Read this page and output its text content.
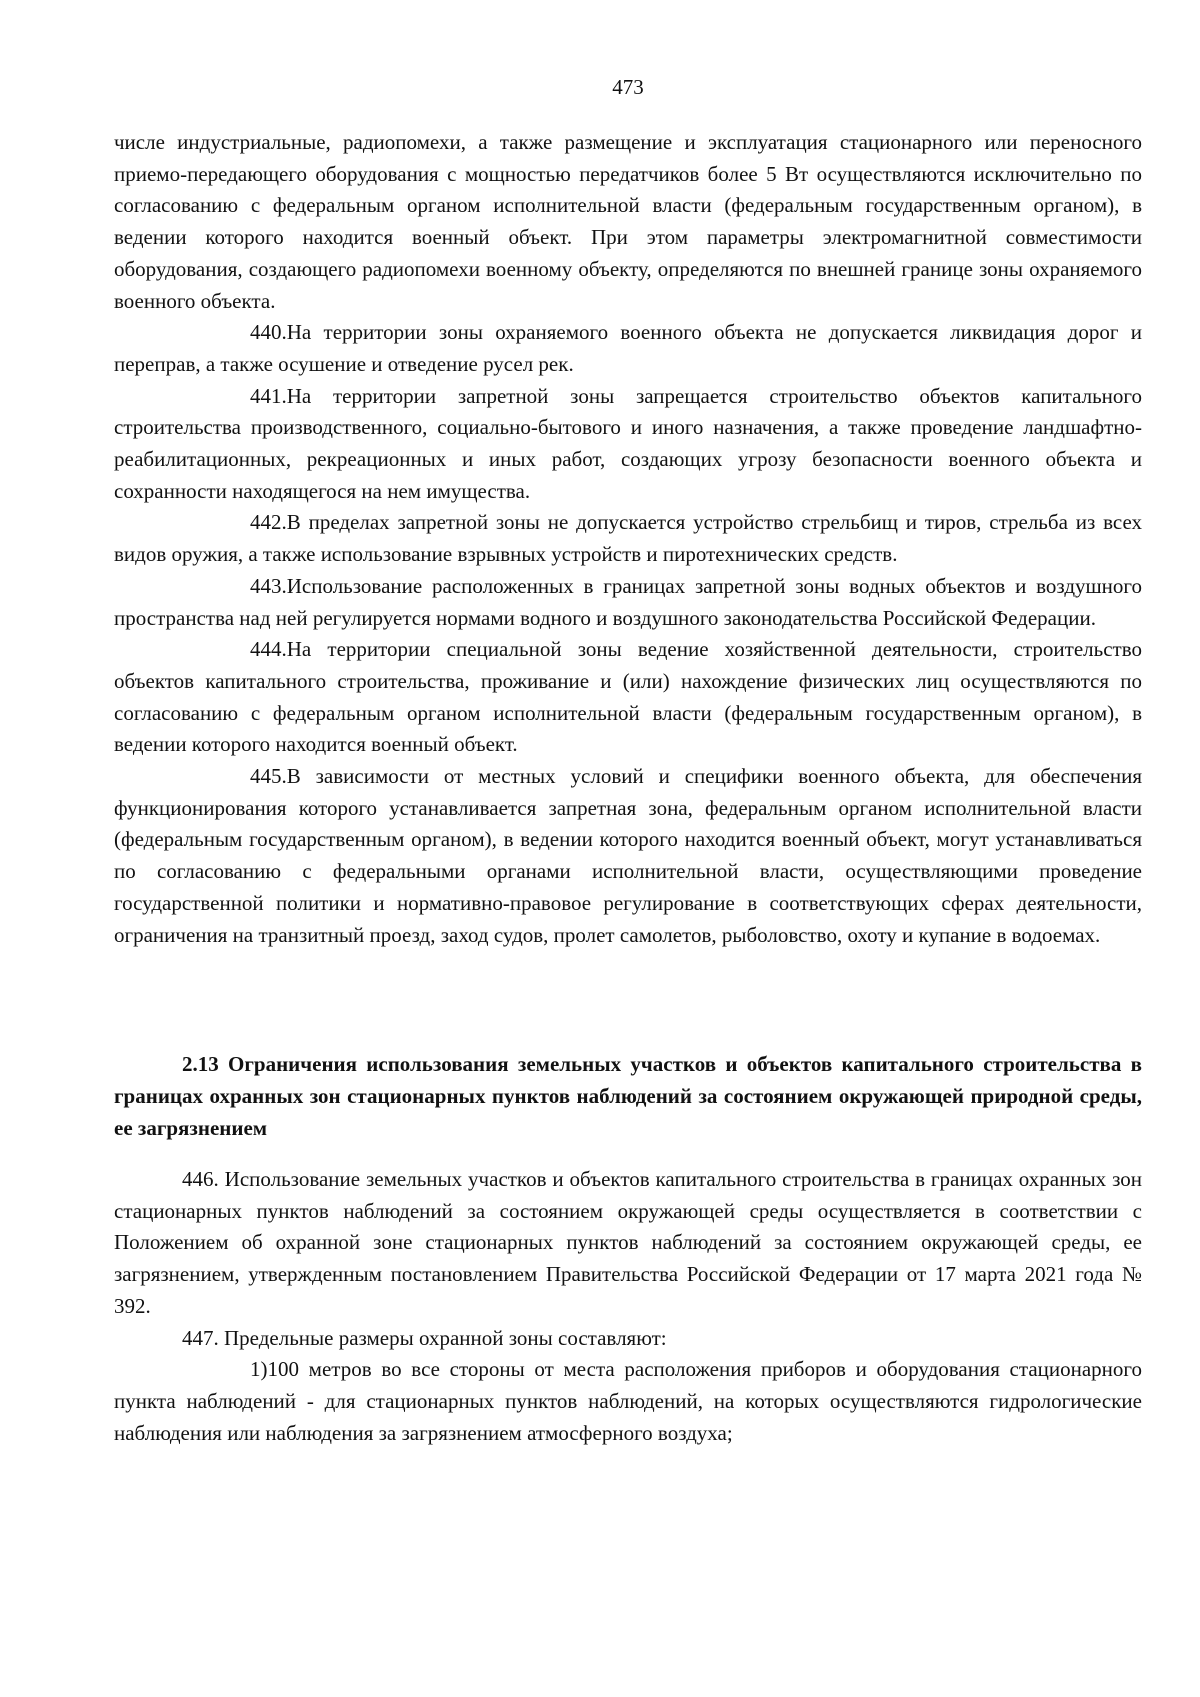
473

числе индустриальные, радиопомехи, а также размещение и эксплуатация стационарного или переносного приемо-передающего оборудования с мощностью передатчиков более 5 Вт осуществляются исключительно по согласованию с федеральным органом исполнительной власти (федеральным государственным органом), в ведении которого находится военный объект. При этом параметры электромагнитной совместимости оборудования, создающего радиопомехи военному объекту, определяются по внешней границе зоны охраняемого военного объекта.

440.На территории зоны охраняемого военного объекта не допускается ликвидация дорог и переправ, а также осушение и отведение русел рек.

441.На территории запретной зоны запрещается строительство объектов капитального строительства производственного, социально-бытового и иного назначения, а также проведение ландшафтно-реабилитационных, рекреационных и иных работ, создающих угрозу безопасности военного объекта и сохранности находящегося на нем имущества.

442.В пределах запретной зоны не допускается устройство стрельбищ и тиров, стрельба из всех видов оружия, а также использование взрывных устройств и пиротехнических средств.

443.Использование расположенных в границах запретной зоны водных объектов и воздушного пространства над ней регулируется нормами водного и воздушного законодательства Российской Федерации.

444.На территории специальной зоны ведение хозяйственной деятельности, строительство объектов капитального строительства, проживание и (или) нахождение физических лиц осуществляются по согласованию с федеральным органом исполнительной власти (федеральным государственным органом), в ведении которого находится военный объект.

445.В зависимости от местных условий и специфики военного объекта, для обеспечения функционирования которого устанавливается запретная зона, федеральным органом исполнительной власти (федеральным государственным органом), в ведении которого находится военный объект, могут устанавливаться по согласованию с федеральными органами исполнительной власти, осуществляющими проведение государственной политики и нормативно-правовое регулирование в соответствующих сферах деятельности, ограничения на транзитный проезд, заход судов, пролет самолетов, рыболовство, охоту и купание в водоемах.

2.13 Ограничения использования земельных участков и объектов капитального строительства в границах охранных зон стационарных пунктов наблюдений за состоянием окружающей природной среды, ее загрязнением

446. Использование земельных участков и объектов капитального строительства в границах охранных зон стационарных пунктов наблюдений за состоянием окружающей среды осуществляется в соответствии с Положением об охранной зоне стационарных пунктов наблюдений за состоянием окружающей среды, ее загрязнением, утвержденным постановлением Правительства Российской Федерации от 17 марта 2021 года № 392.

447. Предельные размеры охранной зоны составляют:

1)100 метров во все стороны от места расположения приборов и оборудования стационарного пункта наблюдений - для стационарных пунктов наблюдений, на которых осуществляются гидрологические наблюдения или наблюдения за загрязнением атмосферного воздуха;
